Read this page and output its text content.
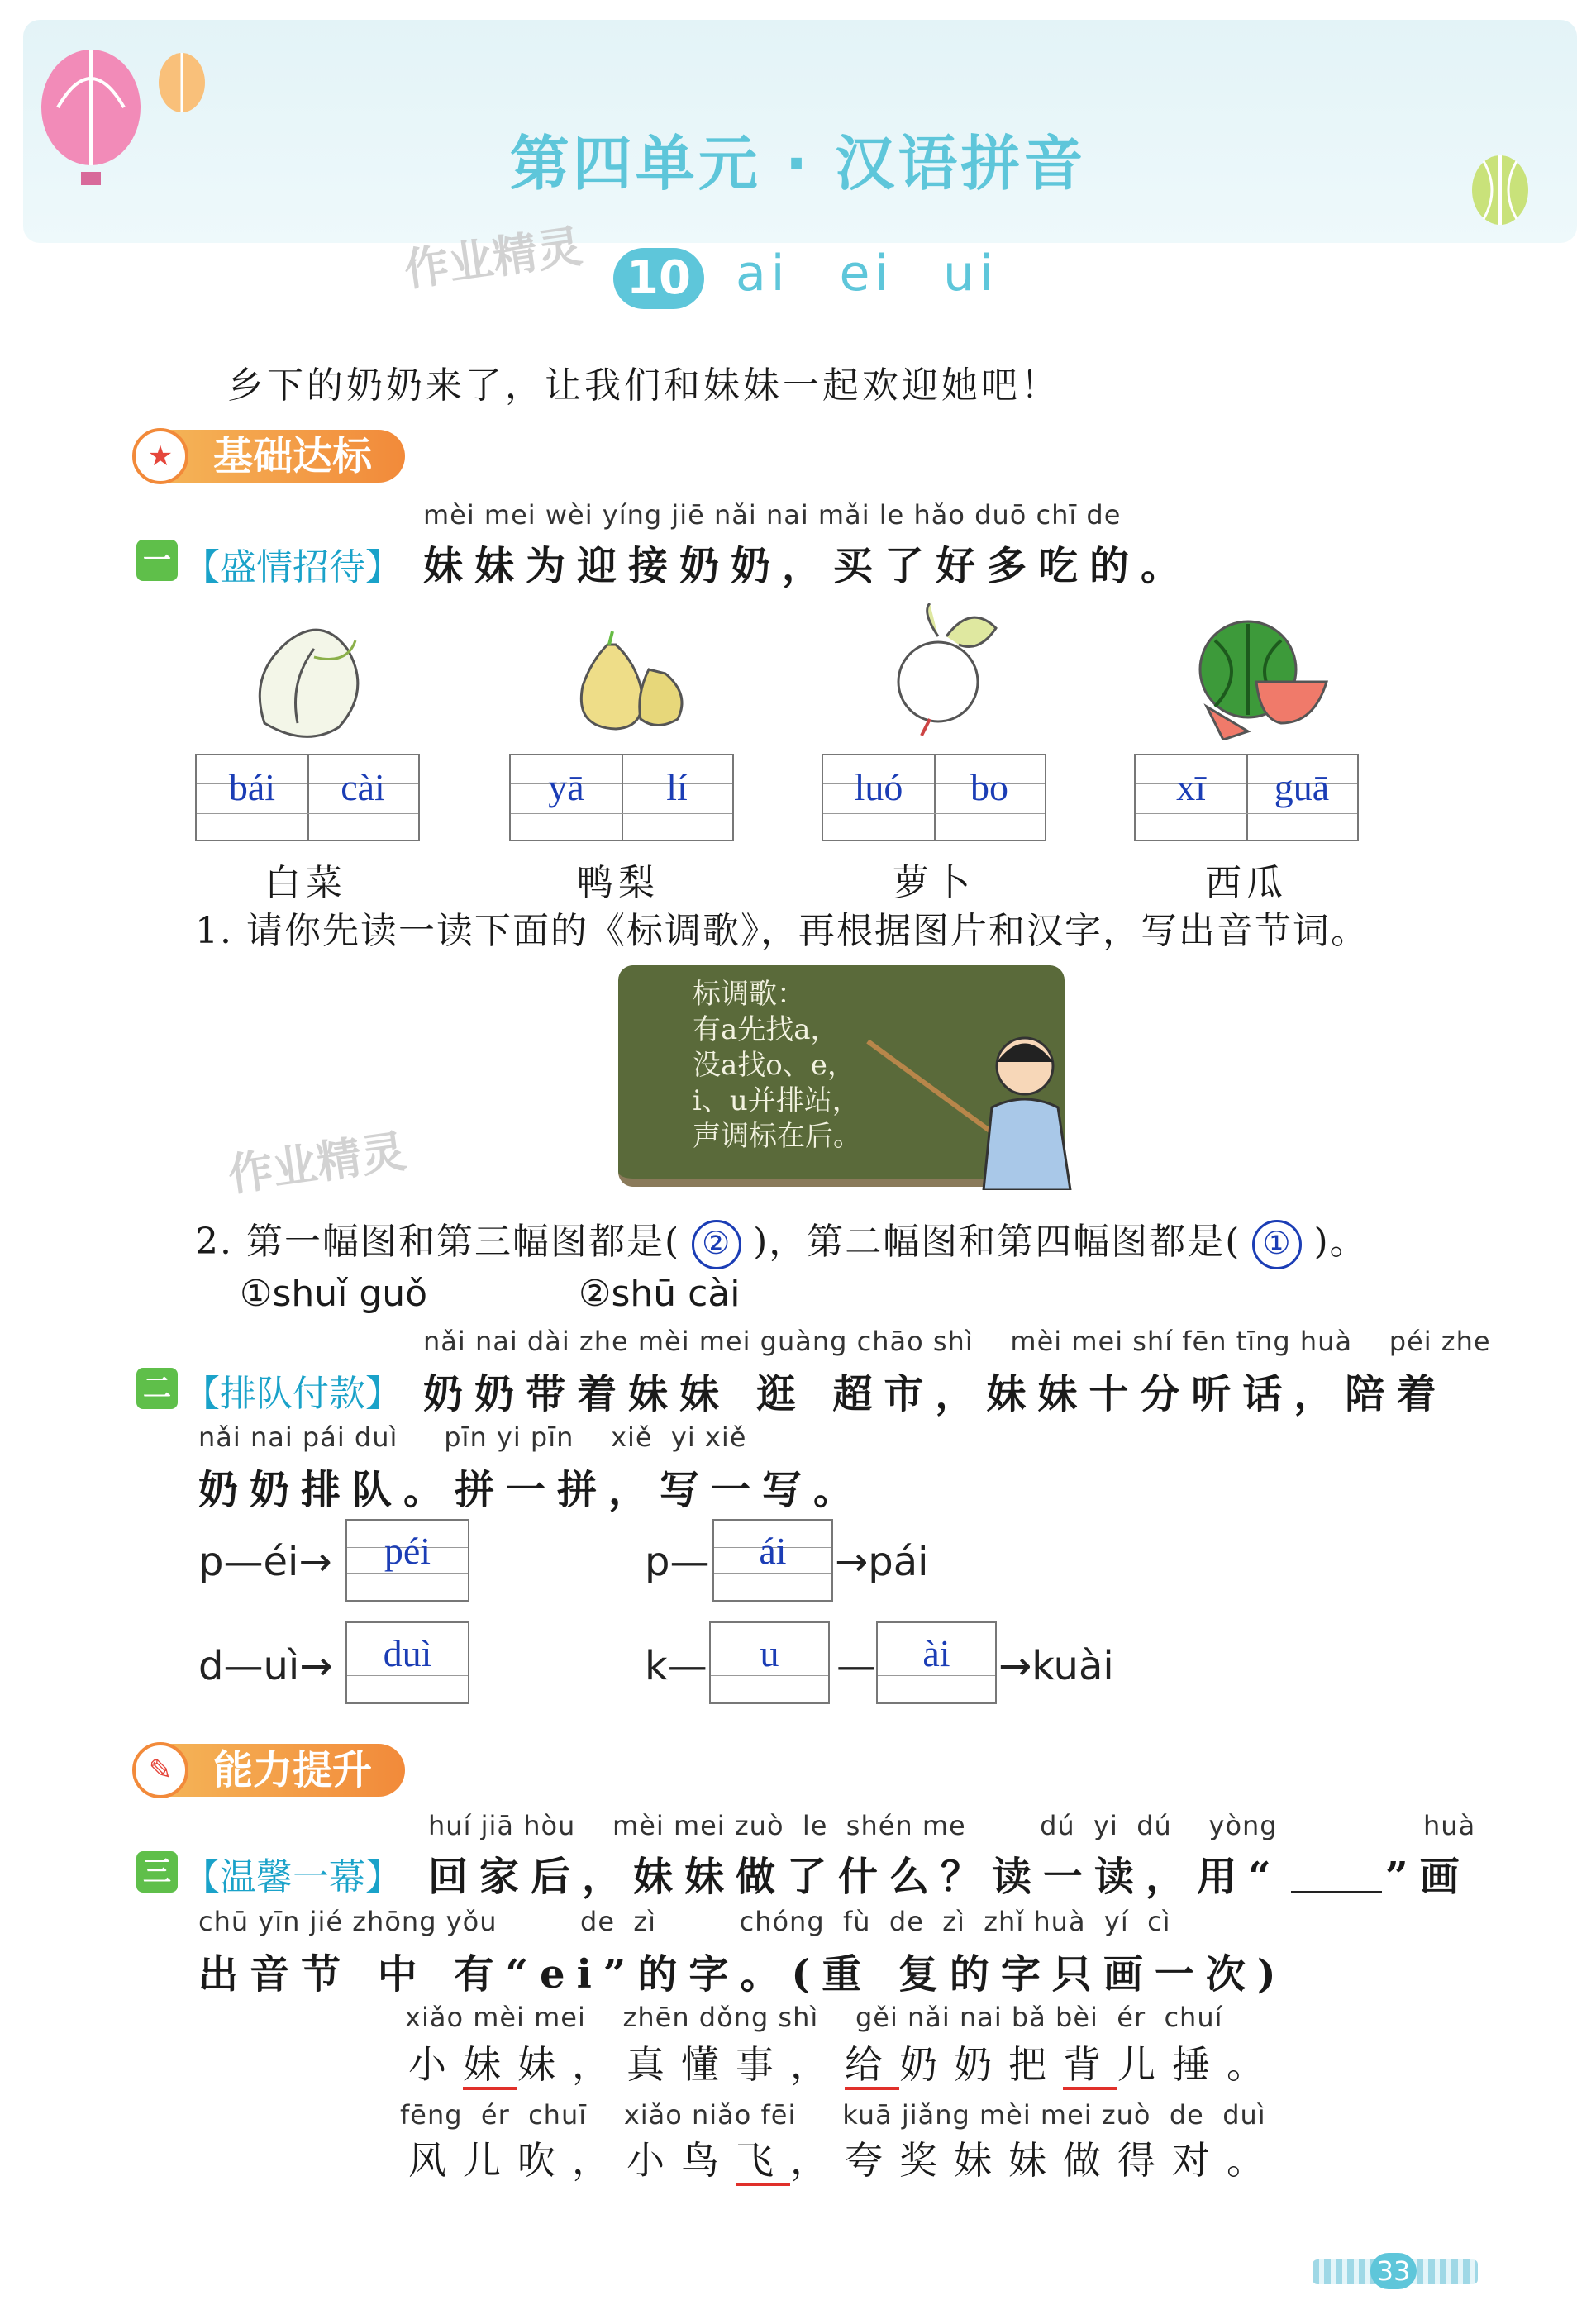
第四单元 · 汉语拼音
作业精灵 10 ai ei ui
乡下的奶奶来了，让我们和妹妹一起欢迎她吧！
基础达标
★
mèi mei wèi yíng jiē nǎi nai mǎi le hǎo duō chī de
一 【盛情招待】 妹妹为迎接奶奶，买了好多吃的。
bái	cài	yā	lí	luó	bo	xī	guā
白菜	鸭梨	萝卜	西瓜
1. 请你先读一读下面的《标调歌》，再根据图片和汉字，写出音节词。
标调歌：
有a先找a，
没a找o、e，
i、u并排站，
声调标在后。
作业精灵
2. 第一幅图和第三幅图都是( ② )，第二幅图和第四幅图都是( ① )。
①shuǐ guǒ	②shū cài
nǎi nai dài zhe mèi mei guàng chāo shì    mèi mei shí fēn tīng huà    péi zhe
二 【排队付款】 奶奶带着妹妹 逛 超市，妹妹十分听话，陪着
nǎi nai pái duì     pīn yi pīn    xiě  yi xiě
奶奶排队。拼一拼，写一写。
p—éi→	péi
d—uì→	duì
p—	ái	→pái
k—	u	—	ài	→kuài
能力提升
✎
huí jiā hòu    mèi mei zuò  le  shén me        dú  yi  dú    yòng	huà
三 【温馨一幕】 回家后，妹妹做了什么？读一读，用“	”画
chū yīn jié zhōng yǒu         de  zì         chóng  fù  de  zì  zhǐ huà  yí  cì
出音节 中 有“ei”的字。(重 复的字只画一次)
xiǎo mèi mei    zhēn dǒng shì    gěi nǎi nai bǎ bèi  ér  chuí
小妹妹，真懂事，给奶奶把背儿捶。
fēng  ér  chuī    xiǎo niǎo fēi     kuā jiǎng mèi mei zuò  de  duì
风儿吹，小鸟飞，夸奖妹妹做得对。
33
